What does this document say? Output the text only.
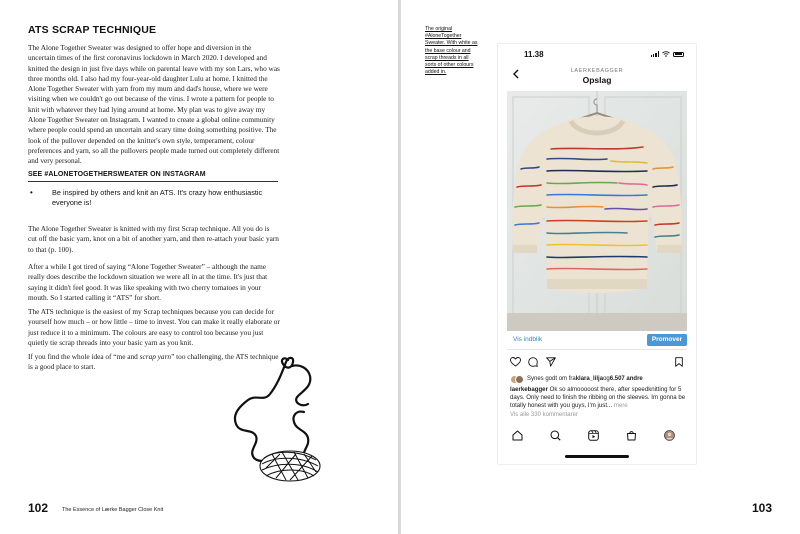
ATS SCRAP TECHNIQUE

The Alone Together Sweater was designed to offer hope and diversion in the uncertain times of the first coronavirus lockdown in March 2020. I developed and knitted the design in just five days while on parental leave with my son Lars, who was three months old. I also had my four-year-old daughter Lulu at home. I knitted the Alone Together Sweater with yarn from my mum and dad's house, where we were visiting when we couldn't go out because of the virus. I wrote a pattern for people to knit with whatever they had lying around at home. My plan was to give away my Alone Together Sweater on Instagram. I wanted to create a global online community where people could spend an uncertain and scary time doing something positive. The look of the pullover depended on the knitter's own style, temperament, colour preferences and yarn, so all the pullovers people made turned out completely different and very personal.

SEE #ALONETOGETHERSWEATER ON INSTAGRAM
•	Be inspired by others and knit an ATS. It's crazy how enthusiastic everyone is!

The Alone Together Sweater is knitted with my first Scrap technique. All you do is cut off the basic yarn, knot on a bit of another yarn, and then re-attach your basic yarn to that (p. 100).

After a while I got tired of saying “Alone Together Sweater” – although the name really does describe the lockdown situation we were all in at the time. It's just that saying it didn't feel good. It was like speaking with two cherry tomatoes in your mouth. So I started calling it “ATS” for short.

The ATS technique is the easiest of my Scrap techniques because you can decide for yourself how much – or how little – time to invest. You can make it really elaborate or just reduce it to a minimum. The colours are easy to control too because you just quietly tie scrap threads into your basic yarn as you knit.

If you find the whole idea of “me and scrap yarn” too challenging, the ATS technique is a good place to start.

102	The Essence of Lærke Bagger Close Knit
The original #AloneTogether Sweater. With white as the base colour and scrap threads in all sorts of other colours added in.
11.38
LAERKEBAGGER
Opslag
Vis indblik	Promover
Synes godt om fra klara_lilja og 6.507 andre

laerkebagger Ok so almooooost there, after speedknitting for 5 days. Only need to finish the ribbing on the sleeves. Im gonna be totally honest with you guys, I'm just... mere

Vis alle 330 kommentarer
103
